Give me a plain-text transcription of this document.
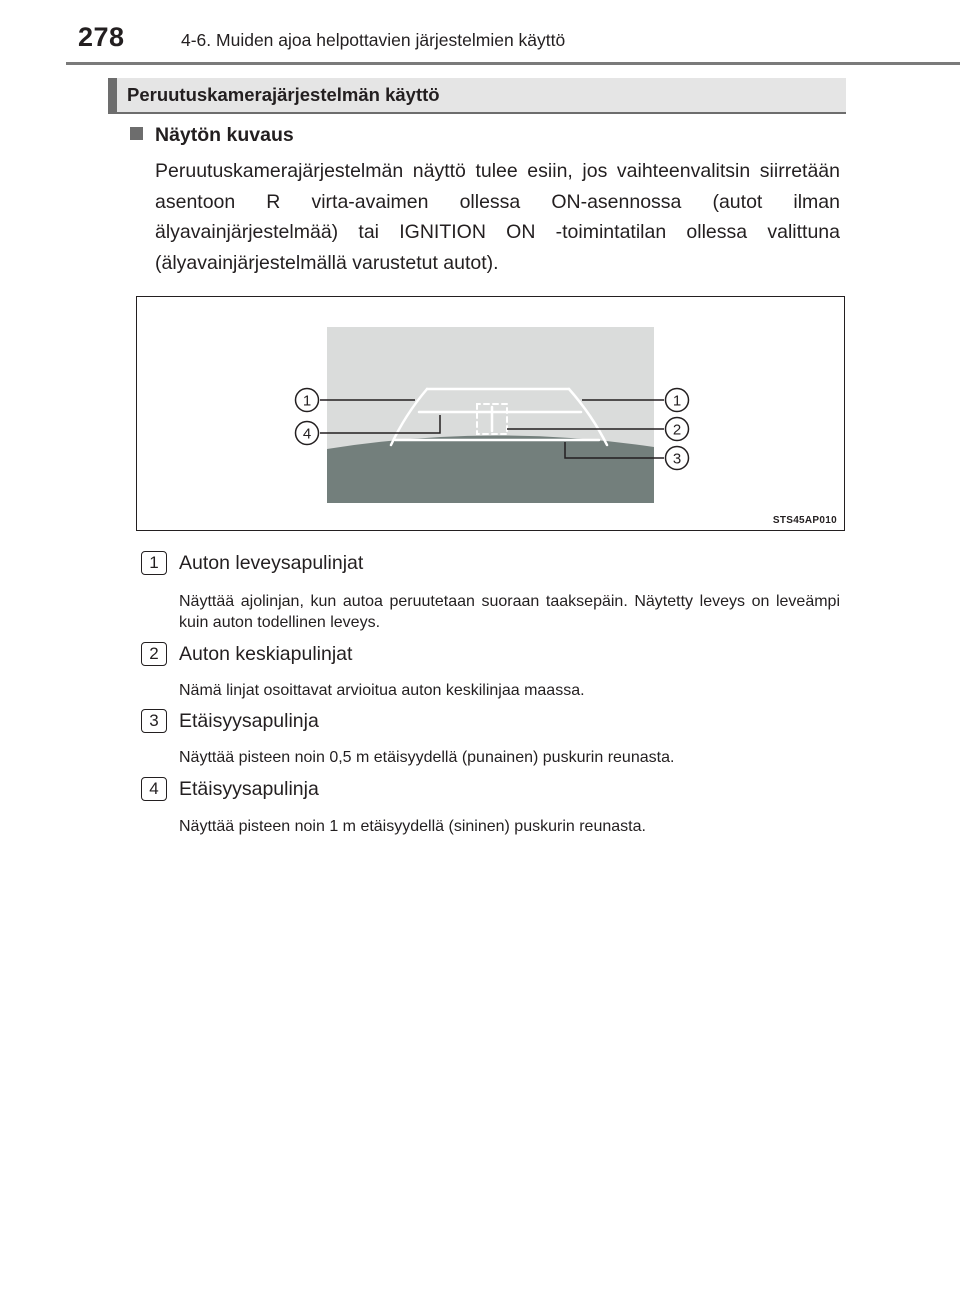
278	4-6. Muiden ajoa helpottavien järjestelmien käyttö
Peruutuskamerajärjestelmän käyttö
Näytön kuvaus
Peruutuskamerajärjestelmän näyttö tulee esiin, jos vaihteenvalitsin siirretään asentoon R virta-avaimen ollessa ON-asennossa (autot ilman älyavainjärjestelmää) tai IGNITION ON -toimintatilan ollessa valittuna (älyavainjärjestelmällä varustetut autot).
1	1
2
3
4
STS45AP010
1	Auton leveysapulinjat
Näyttää ajolinjan, kun autoa peruutetaan suoraan taaksepäin. Näytetty leveys on leveämpi kuin auton todellinen leveys.
2	Auton keskiapulinjat
Nämä linjat osoittavat arvioitua auton keskilinjaa maassa.
3	Etäisyysapulinja
Näyttää pisteen noin 0,5 m etäisyydellä (punainen) puskurin reunasta.
4	Etäisyysapulinja
Näyttää pisteen noin 1 m etäisyydellä (sininen) puskurin reunasta.
